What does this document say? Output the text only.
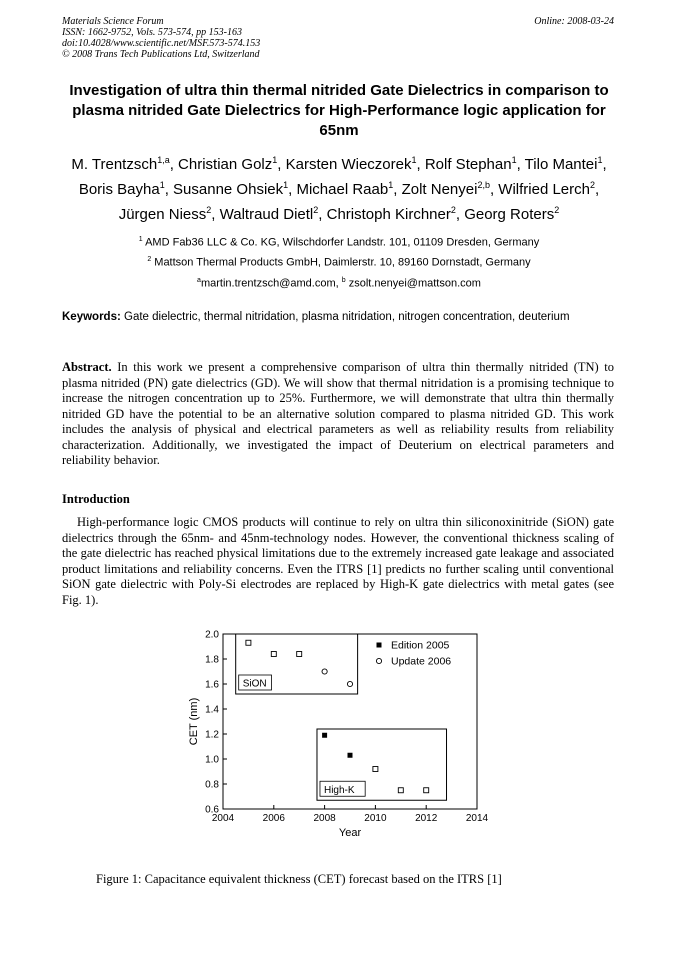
Materials Science Forum
ISSN: 1662-9752, Vols. 573-574, pp 153-163
doi:10.4028/www.scientific.net/MSF.573-574.153
© 2008 Trans Tech Publications Ltd, Switzerland
Online: 2008-03-24
Investigation of ultra thin thermal nitrided Gate Dielectrics in comparison to plasma nitrided Gate Dielectrics for High-Performance logic application for 65nm
M. Trentzsch$^{1,a}$, Christian Golz$^1$, Karsten Wieczorek$^1$, Rolf Stephan$^1$, Tilo Mantei$^1$, Boris Bayha$^1$, Susanne Ohsiek$^1$, Michael Raab$^1$, Zolt Nenyei$^{2,b}$, Wilfried Lerch$^2$, Jürgen Niess$^2$, Waltraud Dietl$^2$, Christoph Kirchner$^2$, Georg Roters$^2$
$^1$ AMD Fab36 LLC & Co. KG, Wilschdorfer Landstr. 101, 01109 Dresden, Germany
$^2$ Mattson Thermal Products GmbH, Daimlerstr. 10, 89160 Dornstadt, Germany
$^a$martin.trentzsch@amd.com, $^b$ zsolt.nenyei@mattson.com
Keywords: Gate dielectric, thermal nitridation, plasma nitridation, nitrogen concentration, deuterium
Abstract. In this work we present a comprehensive comparison of ultra thin thermally nitrided (TN) to plasma nitrided (PN) gate dielectrics (GD). We will show that thermal nitridation is a promising technique to increase the nitrogen concentration up to 25%. Furthermore, we will demonstrate that ultra thin thermally nitrided GD have the potential to be an alternative solution compared to plasma nitrided GD. This work includes the analysis of physical and electrical parameters as well as reliability results from reliability characterization. Additionally, we investigated the impact of Deuterium on electrical parameters and reliability behavior.
Introduction
High-performance logic CMOS products will continue to rely on ultra thin siliconoxinitride (SiON) gate dielectrics through the 65nm- and 45nm-technology nodes. However, the conventional thickness scaling of the gate dielectric has reached physical limitations due to the extremely increased gate leakage and associated product limitations and reliability concerns. Even the ITRS [1] predicts no further scaling until conventional SiON gate dielectric with Poly-Si electrodes are replaced by High-K gate dielectrics with metal gates (see Fig. 1).
2004	2006	2008	2010	2012	2014
0.6
0.8
1.0
1.2
1.4
1.6
1.8
2.0
Year
CET (nm)
SiON
High-K
Edition 2005
Update 2006
Figure 1: Capacitance equivalent thickness (CET) forecast based on the ITRS [1]
